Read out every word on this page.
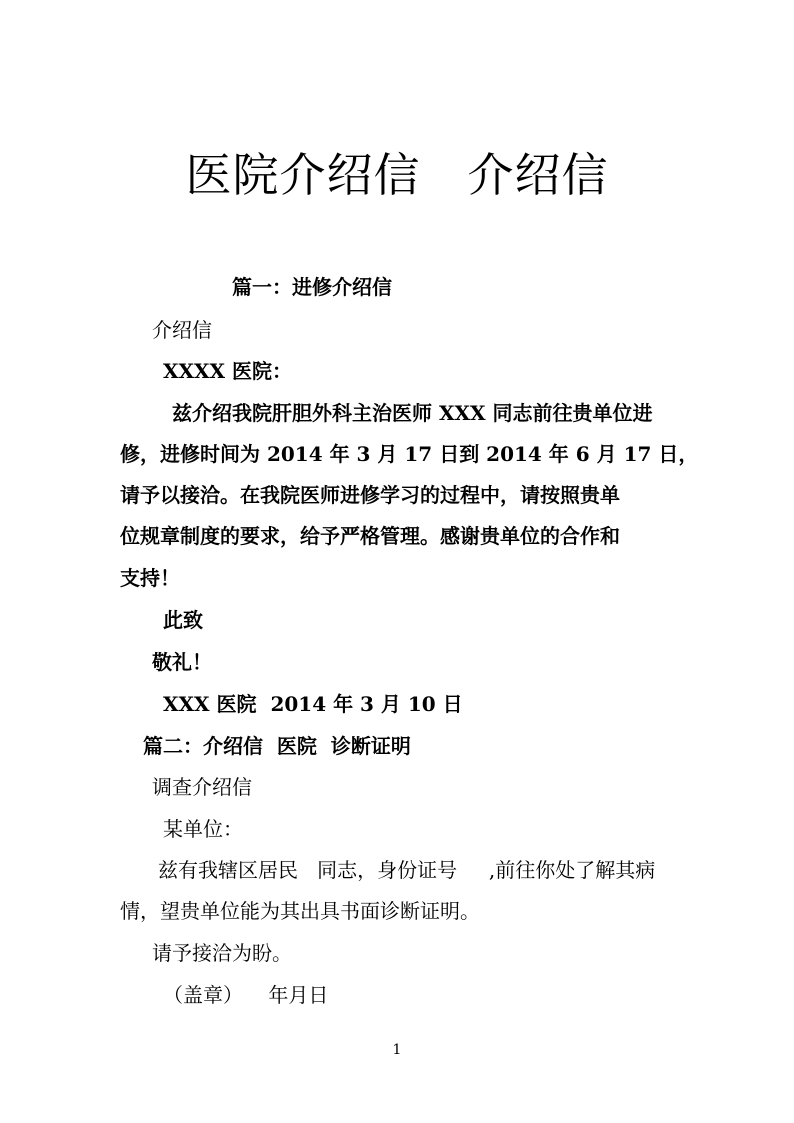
医院介绍信　介绍信
篇一：进修介绍信
介绍信
XXXX 医院：
兹介绍我院肝胆外科主治医师 XXX 同志前往贵单位进
修，进修时间为 2014 年 3 月 17 日到 2014 年 6 月 17 日，
请予以接洽。在我院医师进修学习的过程中，请按照贵单
位规章制度的要求，给予严格管理。感谢贵单位的合作和
支持！
此致
敬礼！
XXX 医院  2014 年 3 月 10 日
篇二：介绍信  医院  诊断证明
调查介绍信
某单位：
兹有我辖区居民   同志，身份证号     ,前往你处了解其病
情，望贵单位能为其出具书面诊断证明。
请予接洽为盼。
（盖章）    年月日
1
